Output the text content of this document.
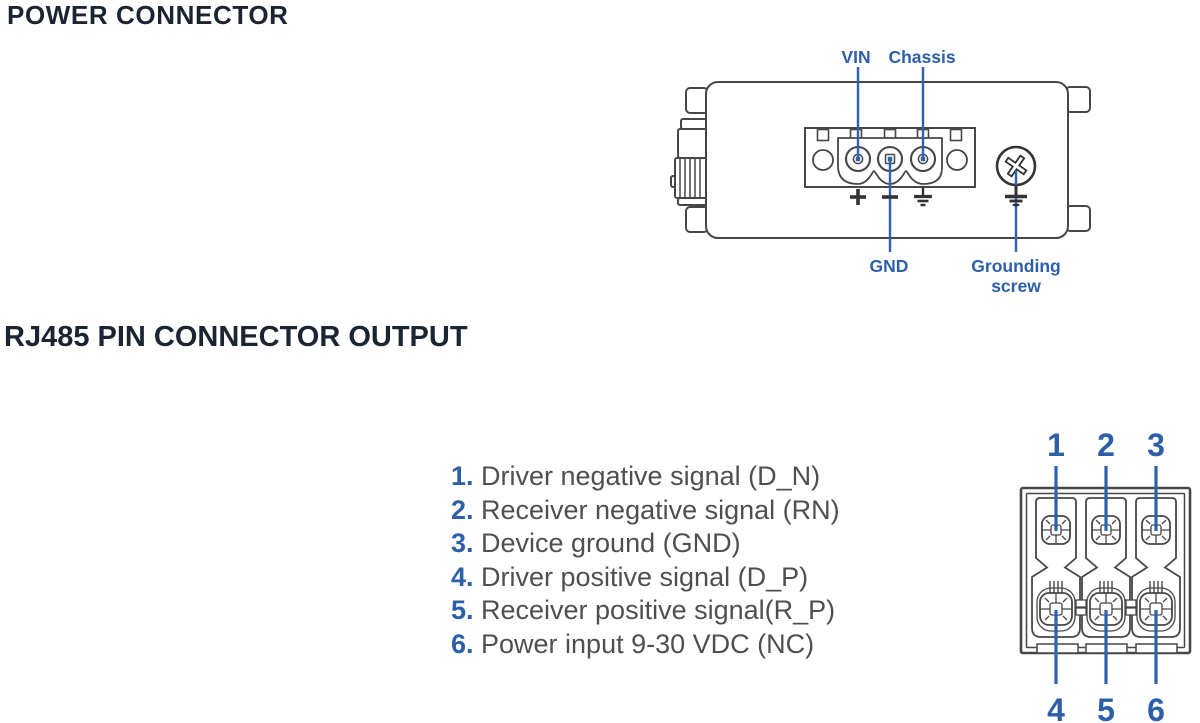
POWER CONNECTOR
VIN Chassis
GND	Grounding
screw
RJ485 PIN CONNECTOR OUTPUT
1. Driver negative signal (D_N)
2. Receiver negative signal (RN)
3. Device ground (GND)
4. Driver positive signal (D_P)
5. Receiver positive signal(R_P)
6. Power input 9-30 VDC (NC)
1 2 3
4 5 6
